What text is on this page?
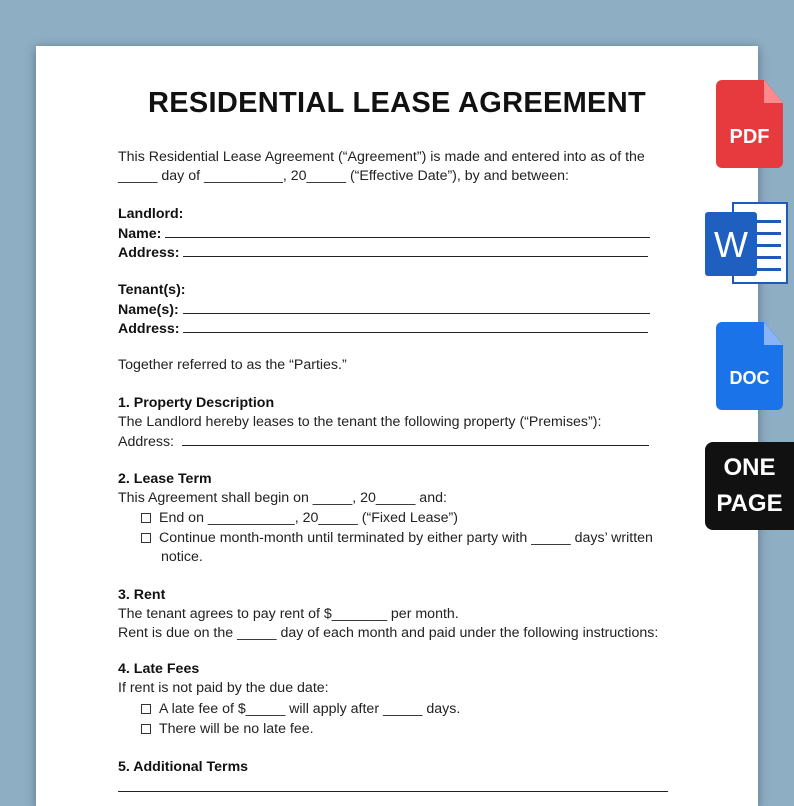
RESIDENTIAL LEASE AGREEMENT
This Residential Lease Agreement (“Agreement”) is made and entered into as of the
_____ day of __________, 20_____ (“Effective Date”), by and between:
Landlord:
Name:
Address:
Tenant(s):
Name(s):
Address:
Together referred to as the “Parties.”
1. Property Description
The Landlord hereby leases to the tenant the following property (“Premises”):
Address:
2. Lease Term
This Agreement shall begin on _____, 20_____ and:
End on ___________, 20_____ (“Fixed Lease”)
Continue month-month until terminated by either party with _____ days’ written
notice.
3. Rent
The tenant agrees to pay rent of $_______ per month.
Rent is due on the _____ day of each month and paid under the following instructions:
4. Late Fees
If rent is not paid by the due date:
A late fee of $_____ will apply after _____ days.
There will be no late fee.
5. Additional Terms
PDF
W
DOC
ONE
PAGE
